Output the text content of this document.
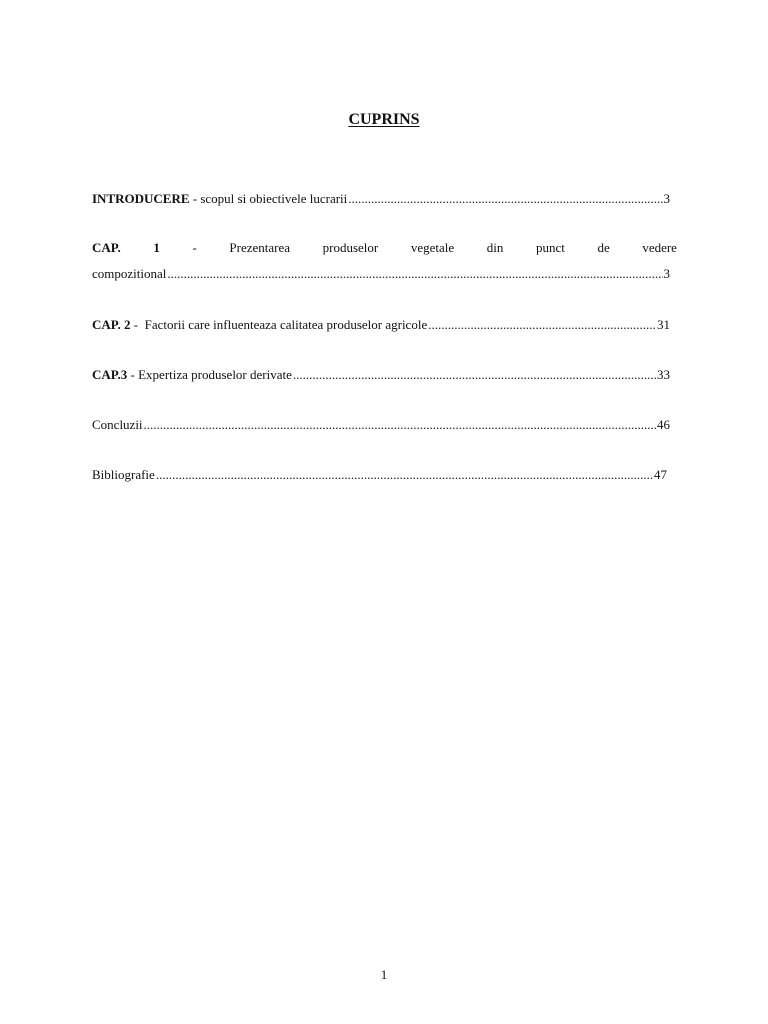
CUPRINS
INTRODUCERE - scopul si obiectivele lucrarii .....	3
CAP.	1	-	Prezentarea	produselor	vegetale	din	punct	de	vedere
compozitional .....	3
CAP. 2 -  Factorii care influenteaza calitatea produselor agricole .....	31
CAP.3 - Expertiza produselor derivate .....	33
Concluzii .....	46
Bibliografie .....	47
1
